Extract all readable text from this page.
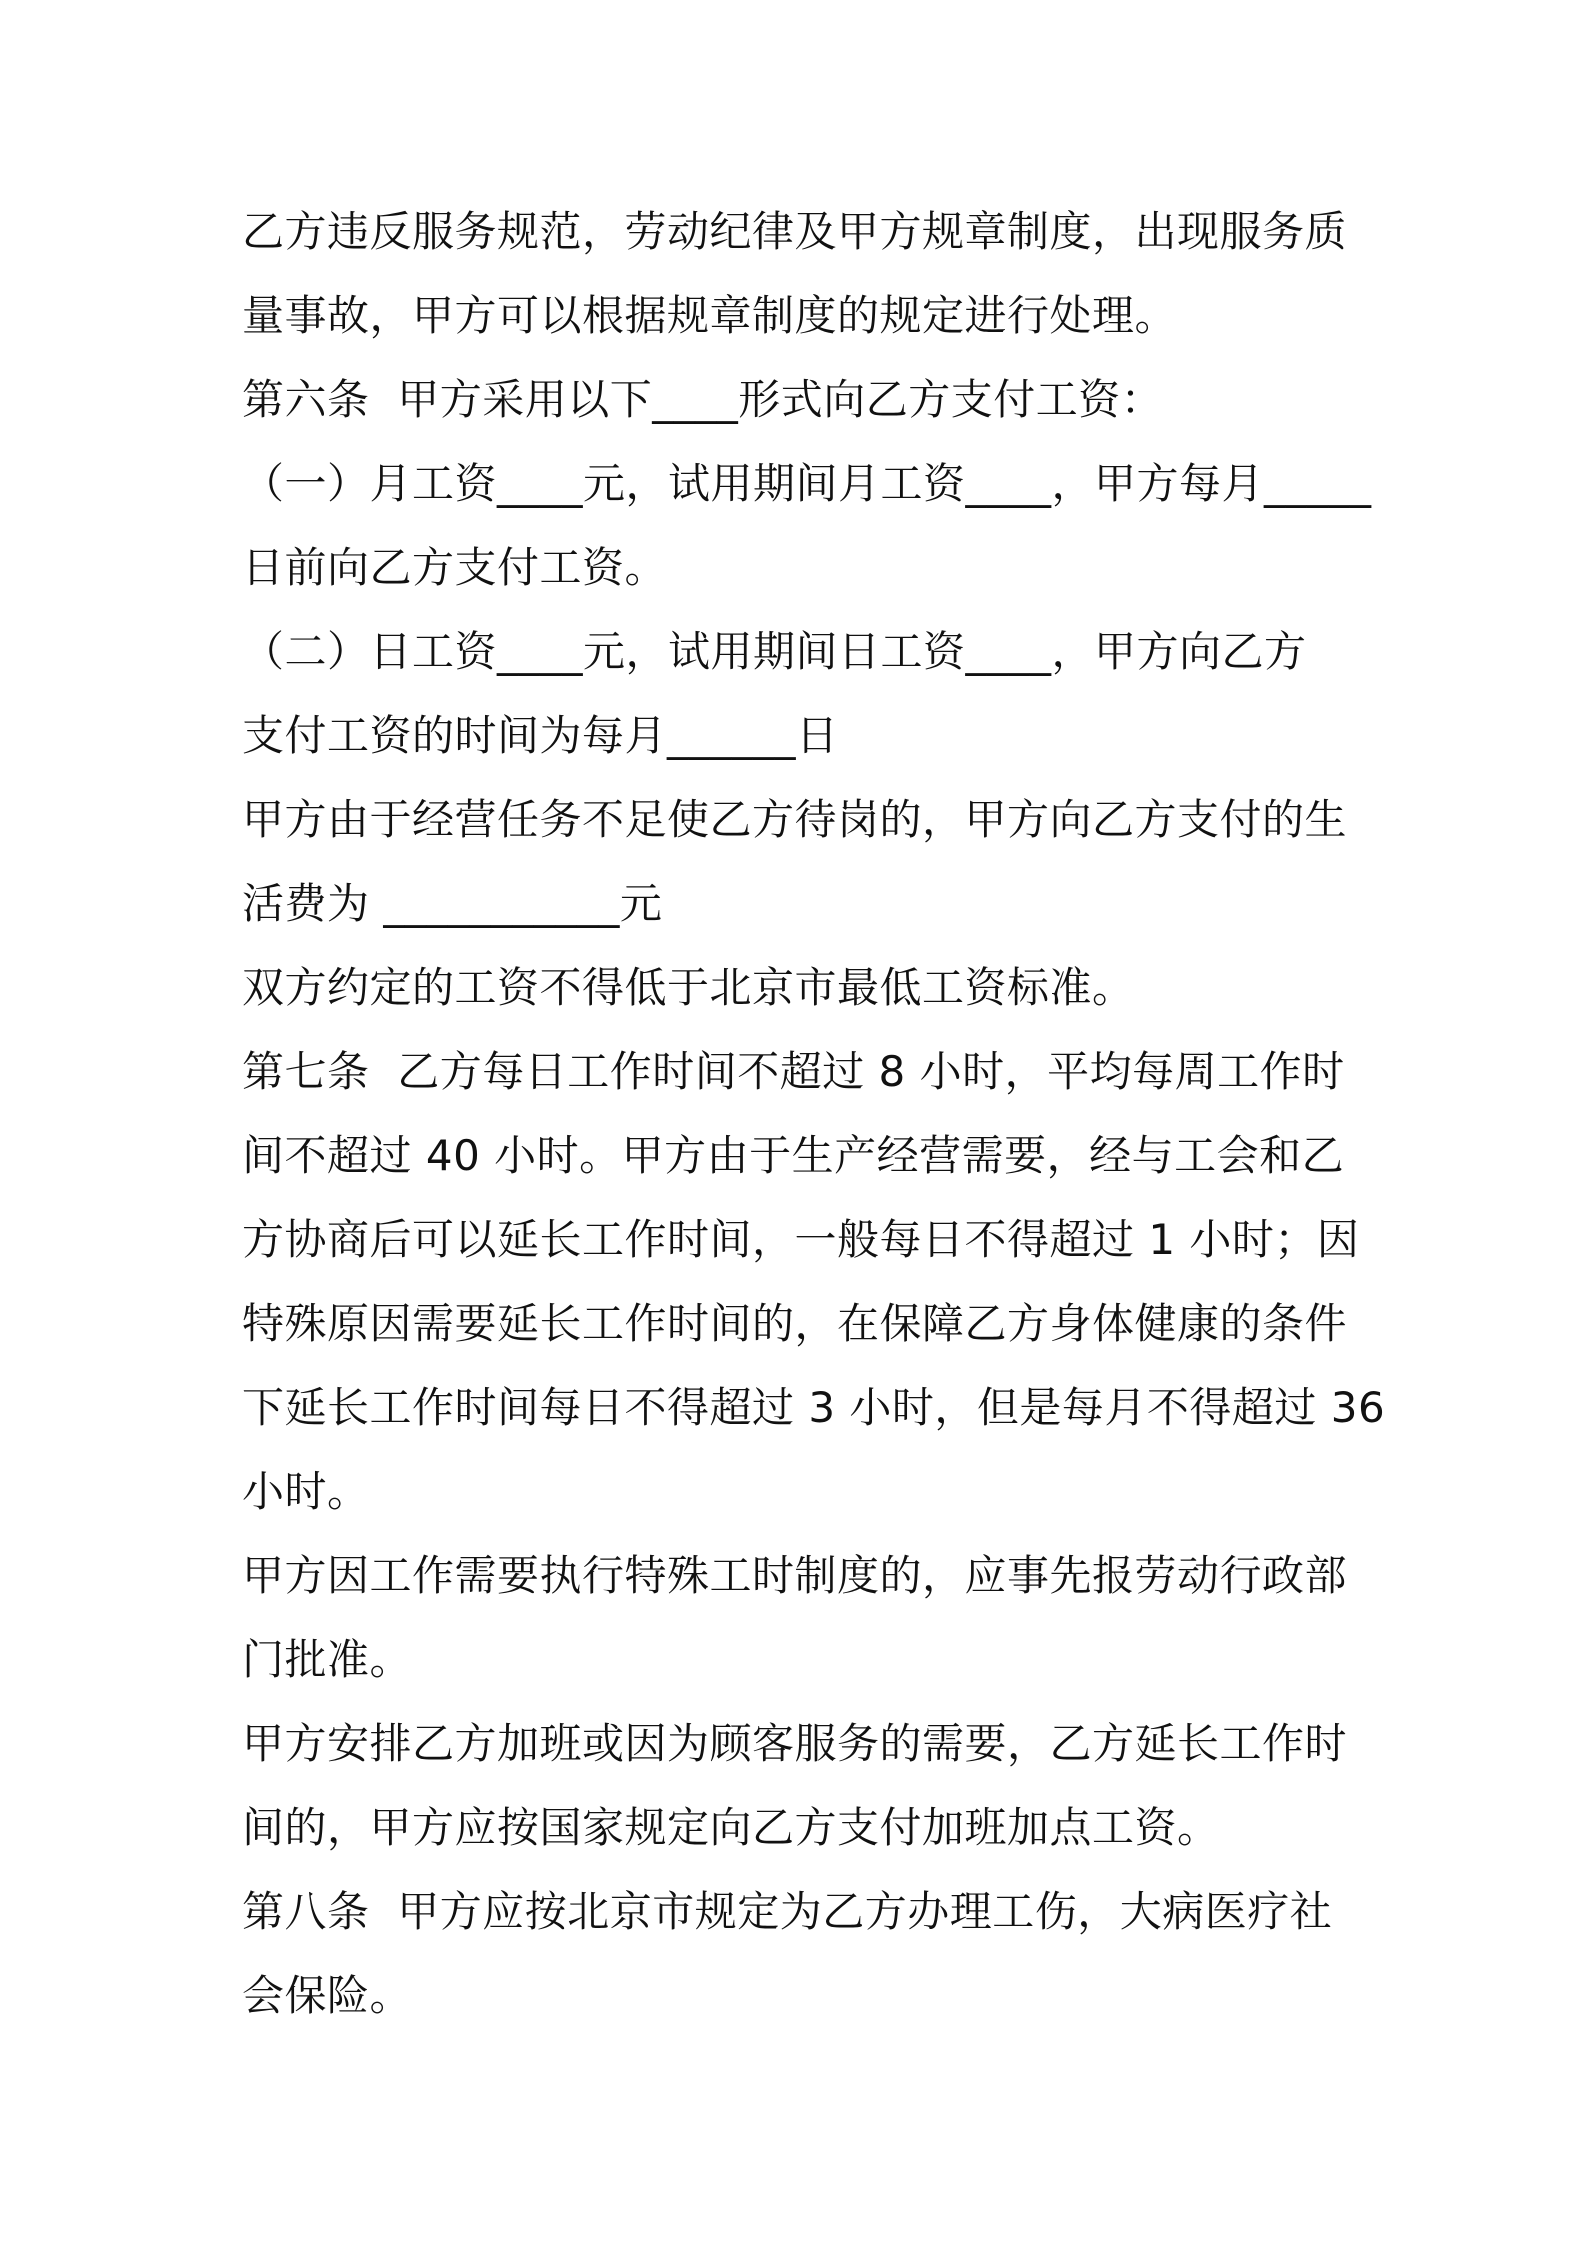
乙方违反服务规范，劳动纪律及甲方规章制度，出现服务质
量事故，甲方可以根据规章制度的规定进行处理。
第六条  甲方采用以下____形式向乙方支付工资：
（一）月工资____元，试用期间月工资____，甲方每月_____
日前向乙方支付工资。
（二）日工资____元，试用期间日工资____，甲方向乙方
支付工资的时间为每月______日
甲方由于经营任务不足使乙方待岗的，甲方向乙方支付的生
活费为 ___________元
双方约定的工资不得低于北京市最低工资标准。
第七条  乙方每日工作时间不超过 8 小时，平均每周工作时
间不超过 40 小时。甲方由于生产经营需要，经与工会和乙
方协商后可以延长工作时间，一般每日不得超过 1 小时；因
特殊原因需要延长工作时间的，在保障乙方身体健康的条件
下延长工作时间每日不得超过 3 小时，但是每月不得超过 36
小时。
甲方因工作需要执行特殊工时制度的，应事先报劳动行政部
门批准。
甲方安排乙方加班或因为顾客服务的需要，乙方延长工作时
间的，甲方应按国家规定向乙方支付加班加点工资。
第八条  甲方应按北京市规定为乙方办理工伤，大病医疗社
会保险。
